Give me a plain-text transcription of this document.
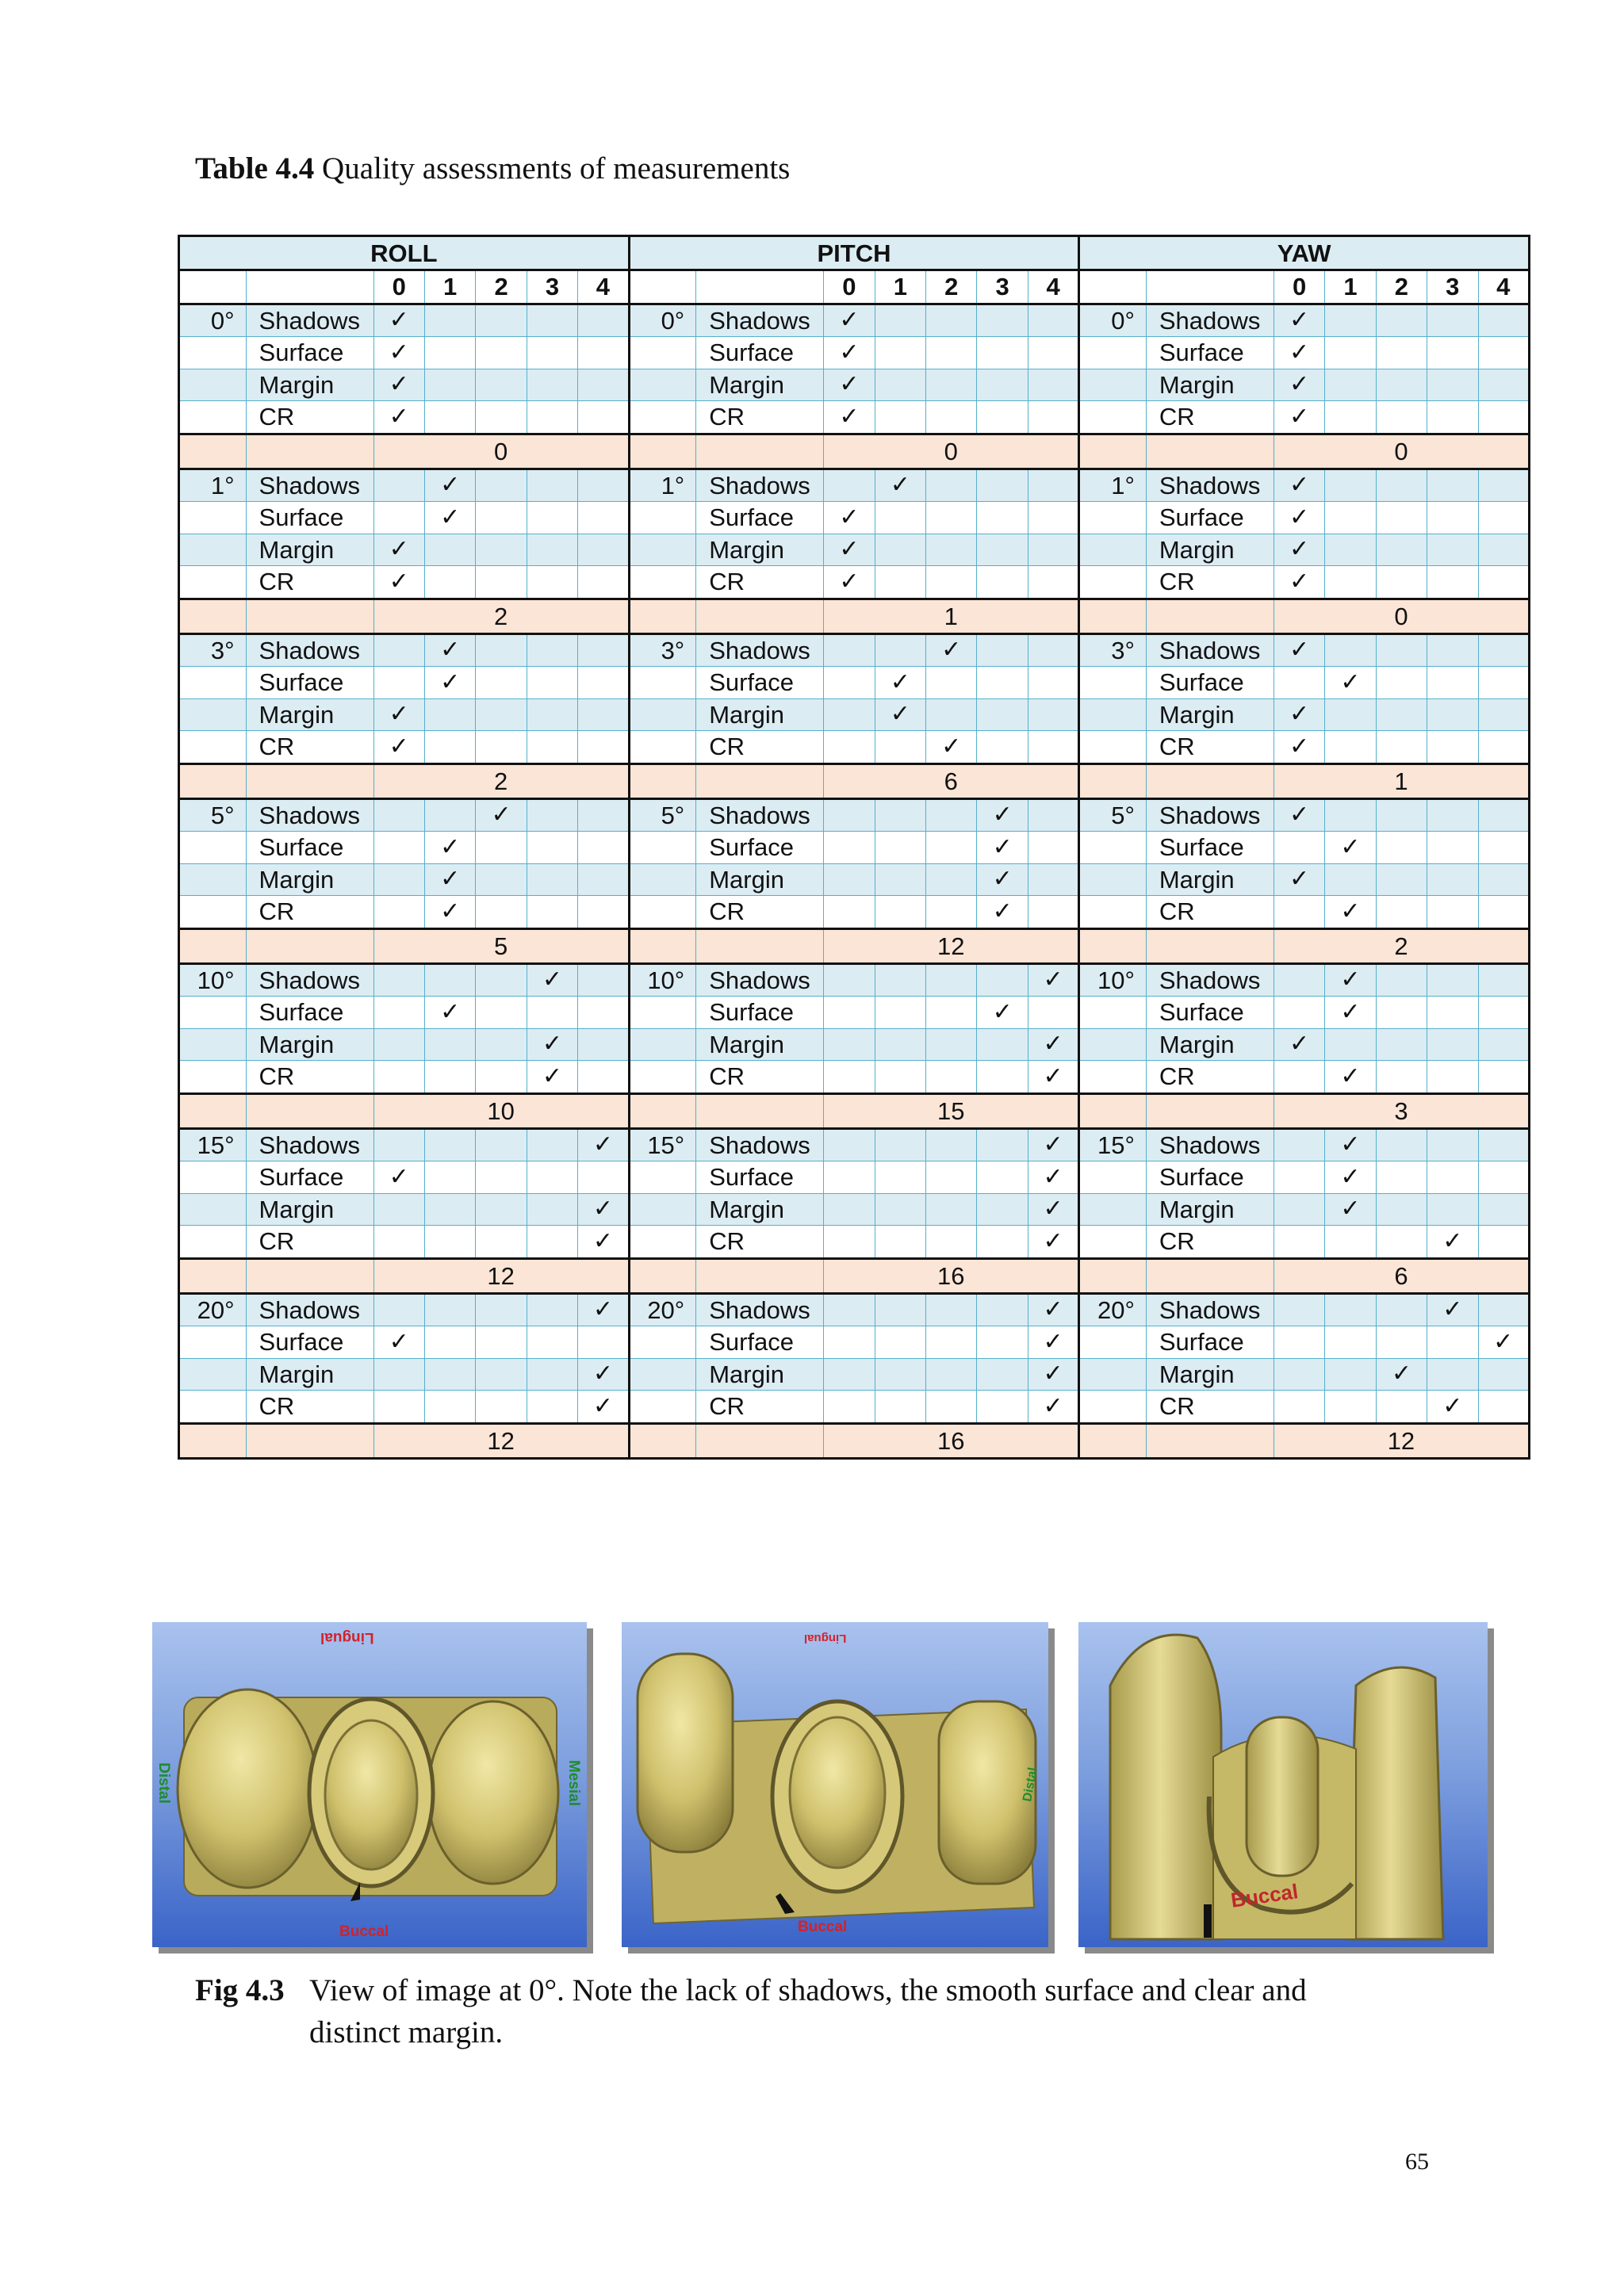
Table 4.4 Quality assessments of measurements
ROLL							PITCH							YAW						
		0	1	2	3	4			0	1	2	3	4			0	1	2	3	4
0°	Shadows	✓					0°	Shadows	✓					0°	Shadows	✓				
	Surface	✓						Surface	✓						Surface	✓				
	Margin	✓						Margin	✓						Margin	✓				
	CR	✓						CR	✓						CR	✓				
		0							0							0				
1°	Shadows		✓				1°	Shadows		✓				1°	Shadows	✓				
	Surface		✓					Surface	✓						Surface	✓				
	Margin	✓						Margin	✓						Margin	✓				
	CR	✓						CR	✓						CR	✓				
		2							1							0				
3°	Shadows		✓				3°	Shadows			✓			3°	Shadows	✓				
	Surface		✓					Surface		✓					Surface		✓			
	Margin	✓						Margin		✓					Margin	✓				
	CR	✓						CR			✓				CR	✓				
		2							6							1				
5°	Shadows			✓			5°	Shadows				✓		5°	Shadows	✓				
	Surface		✓					Surface				✓			Surface		✓			
	Margin		✓					Margin				✓			Margin	✓				
	CR		✓					CR				✓			CR		✓			
		5							12							2				
10°	Shadows				✓		10°	Shadows					✓	10°	Shadows		✓			
	Surface		✓					Surface				✓			Surface		✓			
	Margin				✓			Margin					✓		Margin	✓				
	CR				✓			CR					✓		CR		✓			
		10							15							3				
15°	Shadows					✓	15°	Shadows					✓	15°	Shadows		✓			
	Surface	✓						Surface					✓		Surface		✓			
	Margin					✓		Margin					✓		Margin		✓			
	CR					✓		CR					✓		CR				✓	
		12							16							6				
20°	Shadows					✓	20°	Shadows					✓	20°	Shadows				✓	
	Surface	✓						Surface					✓		Surface					✓
	Margin					✓		Margin					✓		Margin			✓		
	CR					✓		CR					✓		CR				✓	
		12							16							12				
Lingual
Distal	Mesial
Buccal
Lingual
Distal
Buccal
Buccal
Fig 4.3 View of image at 0°. Note the lack of shadows, the smooth surface and clear and distinct margin.
65
